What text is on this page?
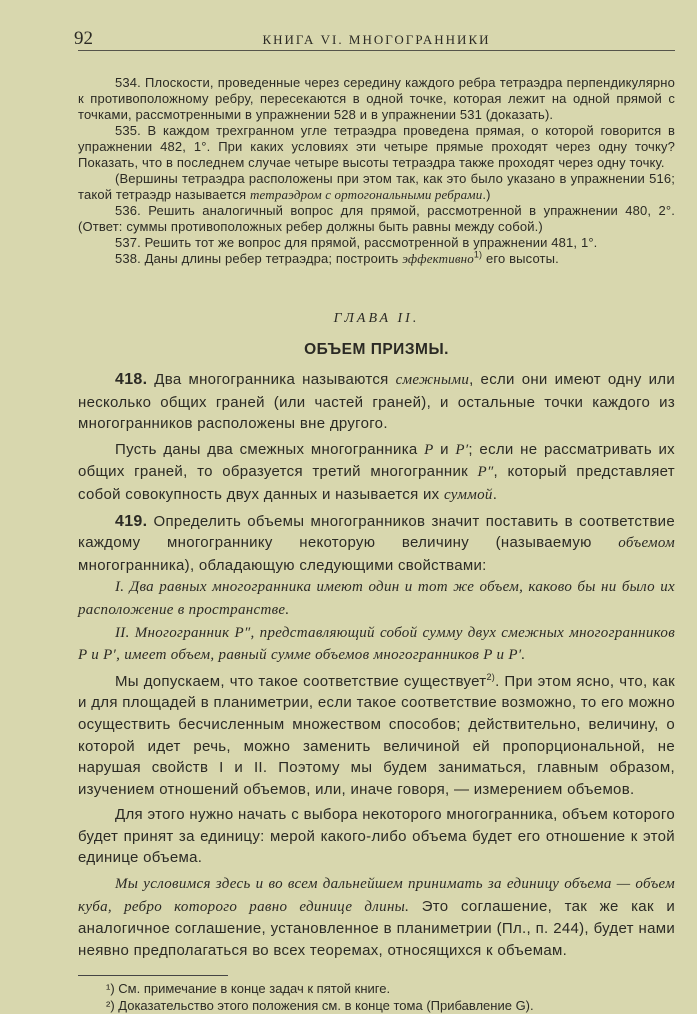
92	КНИГА VI. МНОГОГРАННИКИ

534. Плоскости, проведенные через середину каждого ребра тетраэдра перпендикулярно к противоположному ребру, пересекаются в одной точке, которая лежит на одной прямой с точками, рассмотренными в упражнении 528 и в упражнении 531 (доказать).

535. В каждом трехгранном угле тетраэдра проведена прямая, о которой говорится в упражнении 482, 1°. При каких условиях эти четыре прямые проходят через одну точку? Показать, что в последнем случае четыре высоты тетраэдра также проходят через одну точку.

(Вершины тетраэдра расположены при этом так, как это было указано в упражнении 516; такой тетраэдр называется тетраэдром с ортогональными ребрами.)

536. Решить аналогичный вопрос для прямой, рассмотренной в упражнении 480, 2°. (Ответ: суммы противоположных ребер должны быть равны между собой.)

537. Решить тот же вопрос для прямой, рассмотренной в упражнении 481, 1°.

538. Даны длины ребер тетраэдра; построить эффективно$^{1)}$ его высоты.

ГЛАВА II.
ОБЪЕМ ПРИЗМЫ.

418. Два многогранника называются смежными, если они имеют одну или несколько общих граней (или частей граней), и остальные точки каждого из многогранников расположены вне другого.

Пусть даны два смежных многогранника P и P′; если не рассматривать их общих граней, то образуется третий многогранник P″, который представляет собой совокупность двух данных и называется их суммой.

419. Определить объемы многогранников значит поставить в соответствие каждому многограннику некоторую величину (называемую объемом многогранника), обладающую следующими свойствами:

I. Два равных многогранника имеют один и тот же объем, каково бы ни было их расположение в пространстве.

II. Многогранник P″, представляющий собой сумму двух смежных многогранников P и P′, имеет объем, равный сумме объемов многогранников P и P′.

Мы допускаем, что такое соответствие существует$^{2)}$. При этом ясно, что, как и для площадей в планиметрии, если такое соответствие возможно, то его можно осуществить бесчисленным множеством способов; действительно, величину, о которой идет речь, можно заменить величиной ей пропорциональной, не нарушая свойств I и II. Поэтому мы будем заниматься, главным образом, изучением отношений объемов, или, иначе говоря, — измерением объемов.

Для этого нужно начать с выбора некоторого многогранника, объем которого будет принят за единицу: мерой какого-либо объема будет его отношение к этой единице объема.

Мы условимся здесь и во всем дальнейшем принимать за единицу объема — объем куба, ребро которого равно единице длины. Это соглашение, так же как и аналогичное соглашение, установленное в планиметрии (Пл., п. 244), будет нами неявно предполагаться во всех теоремах, относящихся к объемам.

¹) См. примечание в конце задач к пятой книге.

²) Доказательство этого положения см. в конце тома (Прибавление G).
